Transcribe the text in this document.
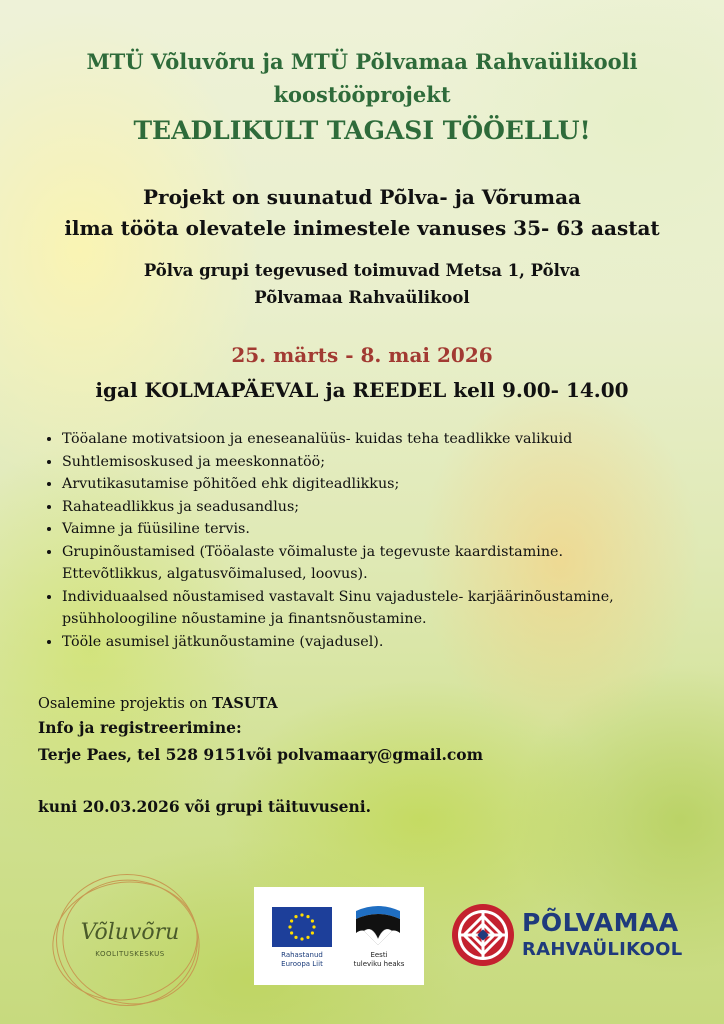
MTÜ Võluvõru ja MTÜ Põlvamaa Rahvaülikooli

koostööprojekt

TEADLIKULT TAGASI TÖÖELLU!

Projekt on suunatud Põlva- ja Võrumaa

ilma tööta olevatele inimestele vanuses 35- 63 aastat

Põlva grupi tegevused toimuvad Metsa 1, Põlva

Põlvamaa Rahvaülikool

25. märts - 8. mai 2026

igal KOLMAPÄEVAL ja REEDEL kell 9.00- 14.00

• Tööalane motivatsioon ja eneseanalüüs- kuidas teha teadlikke valikuid
• Suhtlemisoskused ja meeskonnatöö;
• Arvutikasutamise põhitõed ehk digiteadlikkus;
• Rahateadlikkus ja seadusandlus;
• Vaimne ja füüsiline tervis.
• Grupinõustamised (Tööalaste võimaluste ja tegevuste kaardistamine.
Ettevõtlikkus, algatusvõimalused, loovus).
• Individuaalsed nõustamised vastavalt Sinu vajadustele- karjäärinõustamine,
psühholoogiline nõustamine ja finantsnõustamine.
• Tööle asumisel jätkunõustamine (vajadusel).

Osalemine projektis on TASUTA

Info ja registreerimine:

Terje Paes, tel 528 9151või polvamaary@gmail.com

kuni 20.03.2026 või grupi täituvuseni.

Võluvõru
KOOLITUSKESKUS	Rahastanud
Euroopa Liit
Eesti
tuleviku heaks
PÕLVAMAA
RAHVAÜLIKOOL
